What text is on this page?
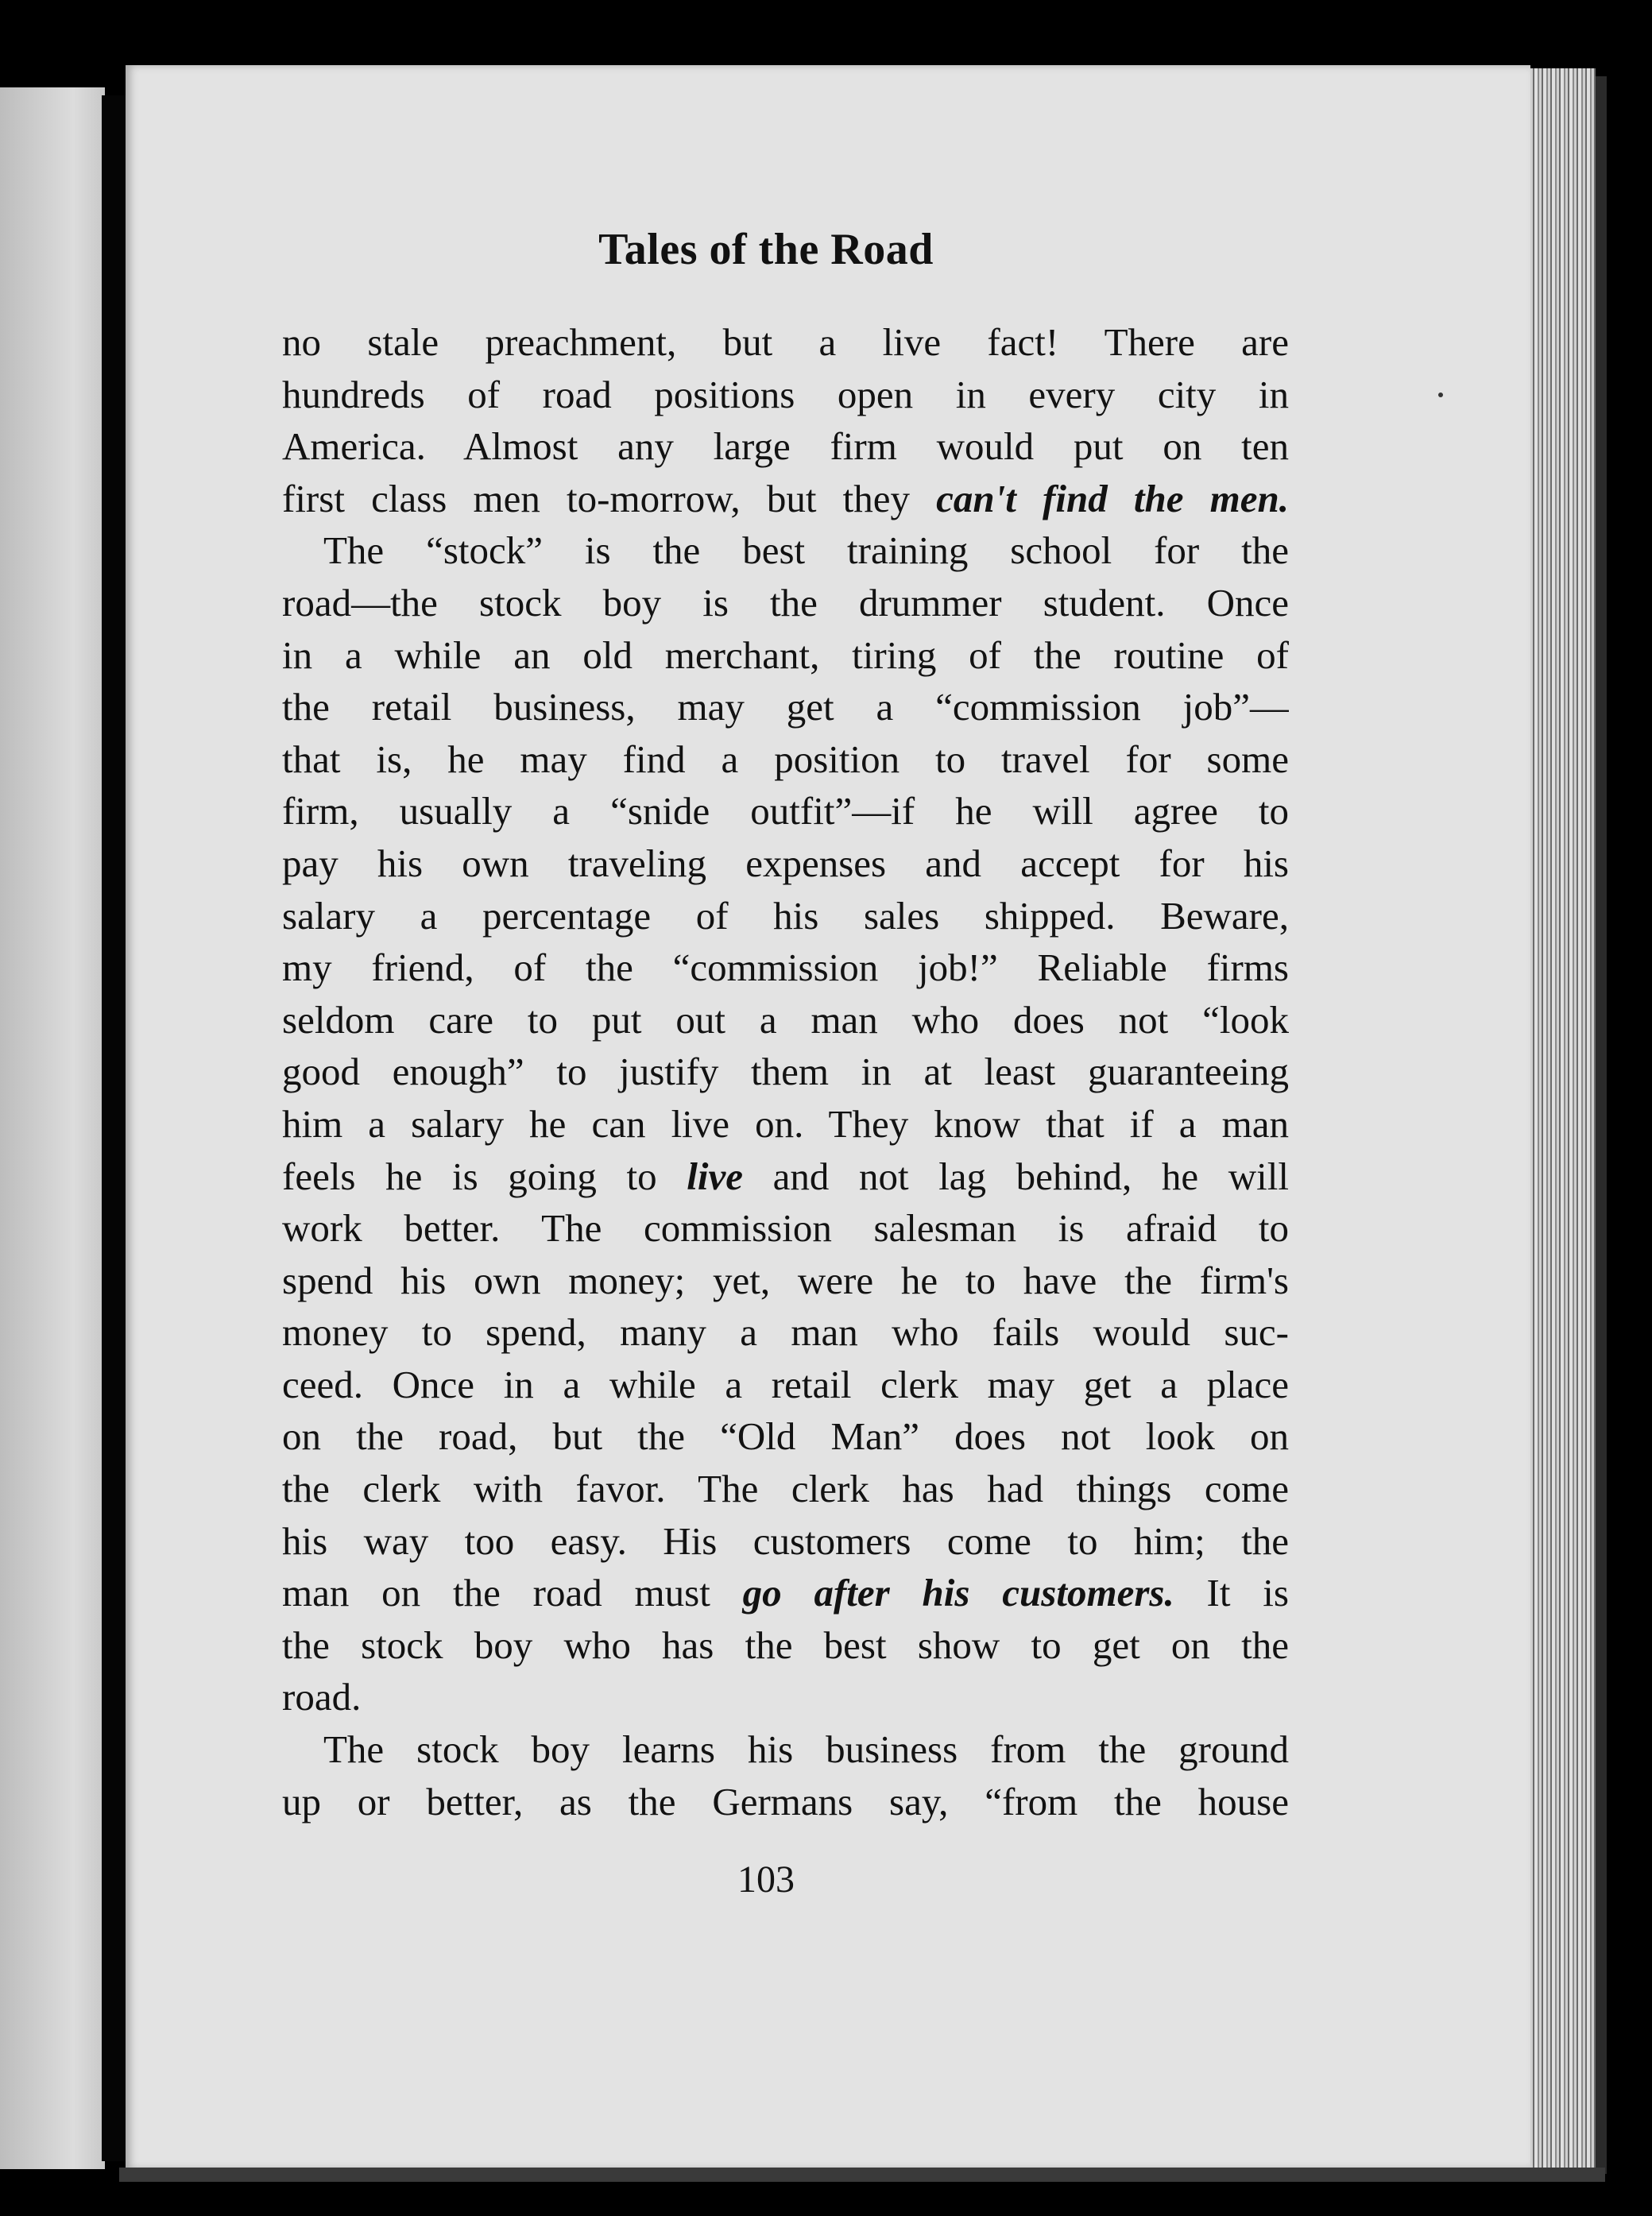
Tales of the Road
no stale preachment, but a live fact! There are
hundreds of road positions open in every city in
America. Almost any large firm would put on ten
first class men to-morrow, but they can't find the men.
The “stock” is the best training school for the
road—the stock boy is the drummer student. Once
in a while an old merchant, tiring of the routine of
the retail business, may get a “commission job”—
that is, he may find a position to travel for some
firm, usually a “snide outfit”—if he will agree to
pay his own traveling expenses and accept for his
salary a percentage of his sales shipped. Beware,
my friend, of the “commission job!” Reliable firms
seldom care to put out a man who does not “look
good enough” to justify them in at least guaranteeing
him a salary he can live on. They know that if a man
feels he is going to live and not lag behind, he will
work better. The commission salesman is afraid to
spend his own money; yet, were he to have the firm's
money to spend, many a man who fails would suc-
ceed. Once in a while a retail clerk may get a place
on the road, but the “Old Man” does not look on
the clerk with favor. The clerk has had things come
his way too easy. His customers come to him; the
man on the road must go after his customers. It is
the stock boy who has the best show to get on the
road.
The stock boy learns his business from the ground
up or better, as the Germans say, “from the house
103
